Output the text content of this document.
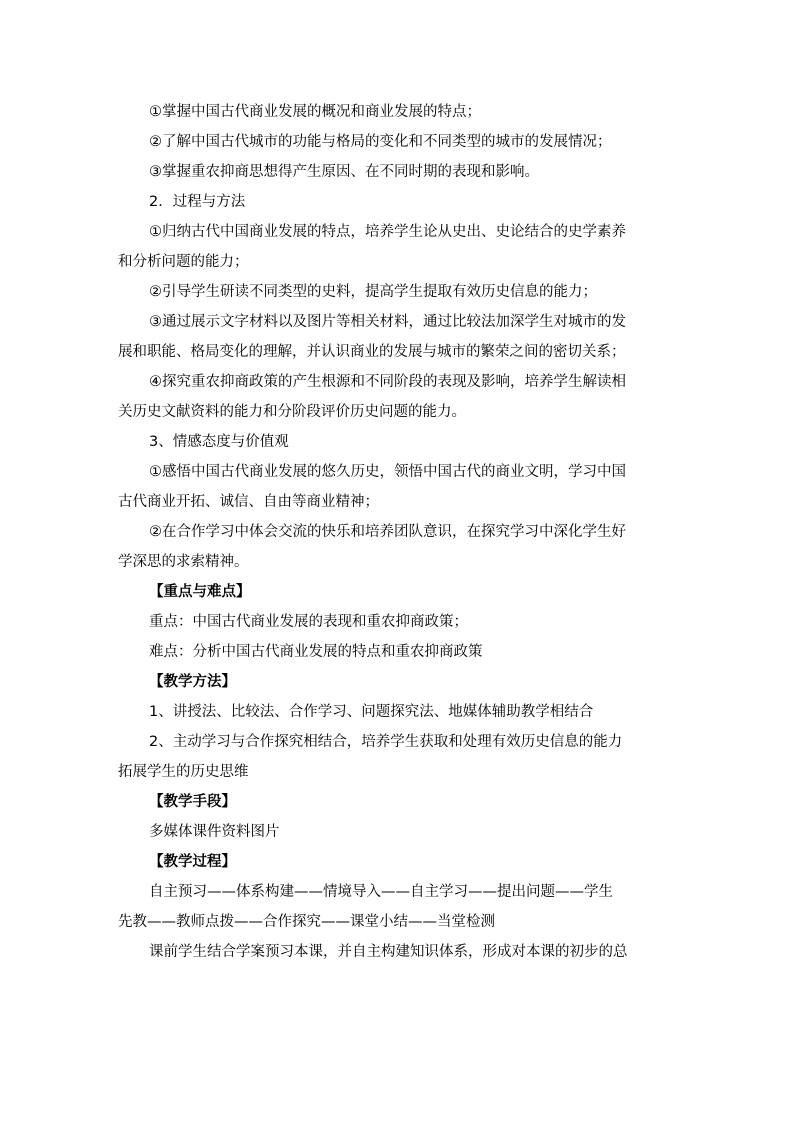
①掌握中国古代商业发展的概况和商业发展的特点；

②了解中国古代城市的功能与格局的变化和不同类型的城市的发展情况；

③掌握重农抑商思想得产生原因、在不同时期的表现和影响。

2．过程与方法

①归纳古代中国商业发展的特点，培养学生论从史出、史论结合的史学素养

和分析问题的能力；

②引导学生研读不同类型的史料，提高学生提取有效历史信息的能力；

③通过展示文字材料以及图片等相关材料，通过比较法加深学生对城市的发

展和职能、格局变化的理解，并认识商业的发展与城市的繁荣之间的密切关系；

④探究重农抑商政策的产生根源和不同阶段的表现及影响，培养学生解读相

关历史文献资料的能力和分阶段评价历史问题的能力。

3、情感态度与价值观

①感悟中国古代商业发展的悠久历史，领悟中国古代的商业文明，学习中国

古代商业开拓、诚信、自由等商业精神；

②在合作学习中体会交流的快乐和培养团队意识，在探究学习中深化学生好

学深思的求索精神。

【重点与难点】

重点：中国古代商业发展的表现和重农抑商政策；

难点：分析中国古代商业发展的特点和重农抑商政策

【教学方法】

1、讲授法、比较法、合作学习、问题探究法、地媒体辅助教学相结合

2、主动学习与合作探究相结合，培养学生获取和处理有效历史信息的能力

拓展学生的历史思维

【教学手段】

多媒体课件资料图片

【教学过程】

自主预习——体系构建——情境导入——自主学习——提出问题——学生

先教——教师点拨——合作探究——课堂小结——当堂检测

课前学生结合学案预习本课，并自主构建知识体系，形成对本课的初步的总
